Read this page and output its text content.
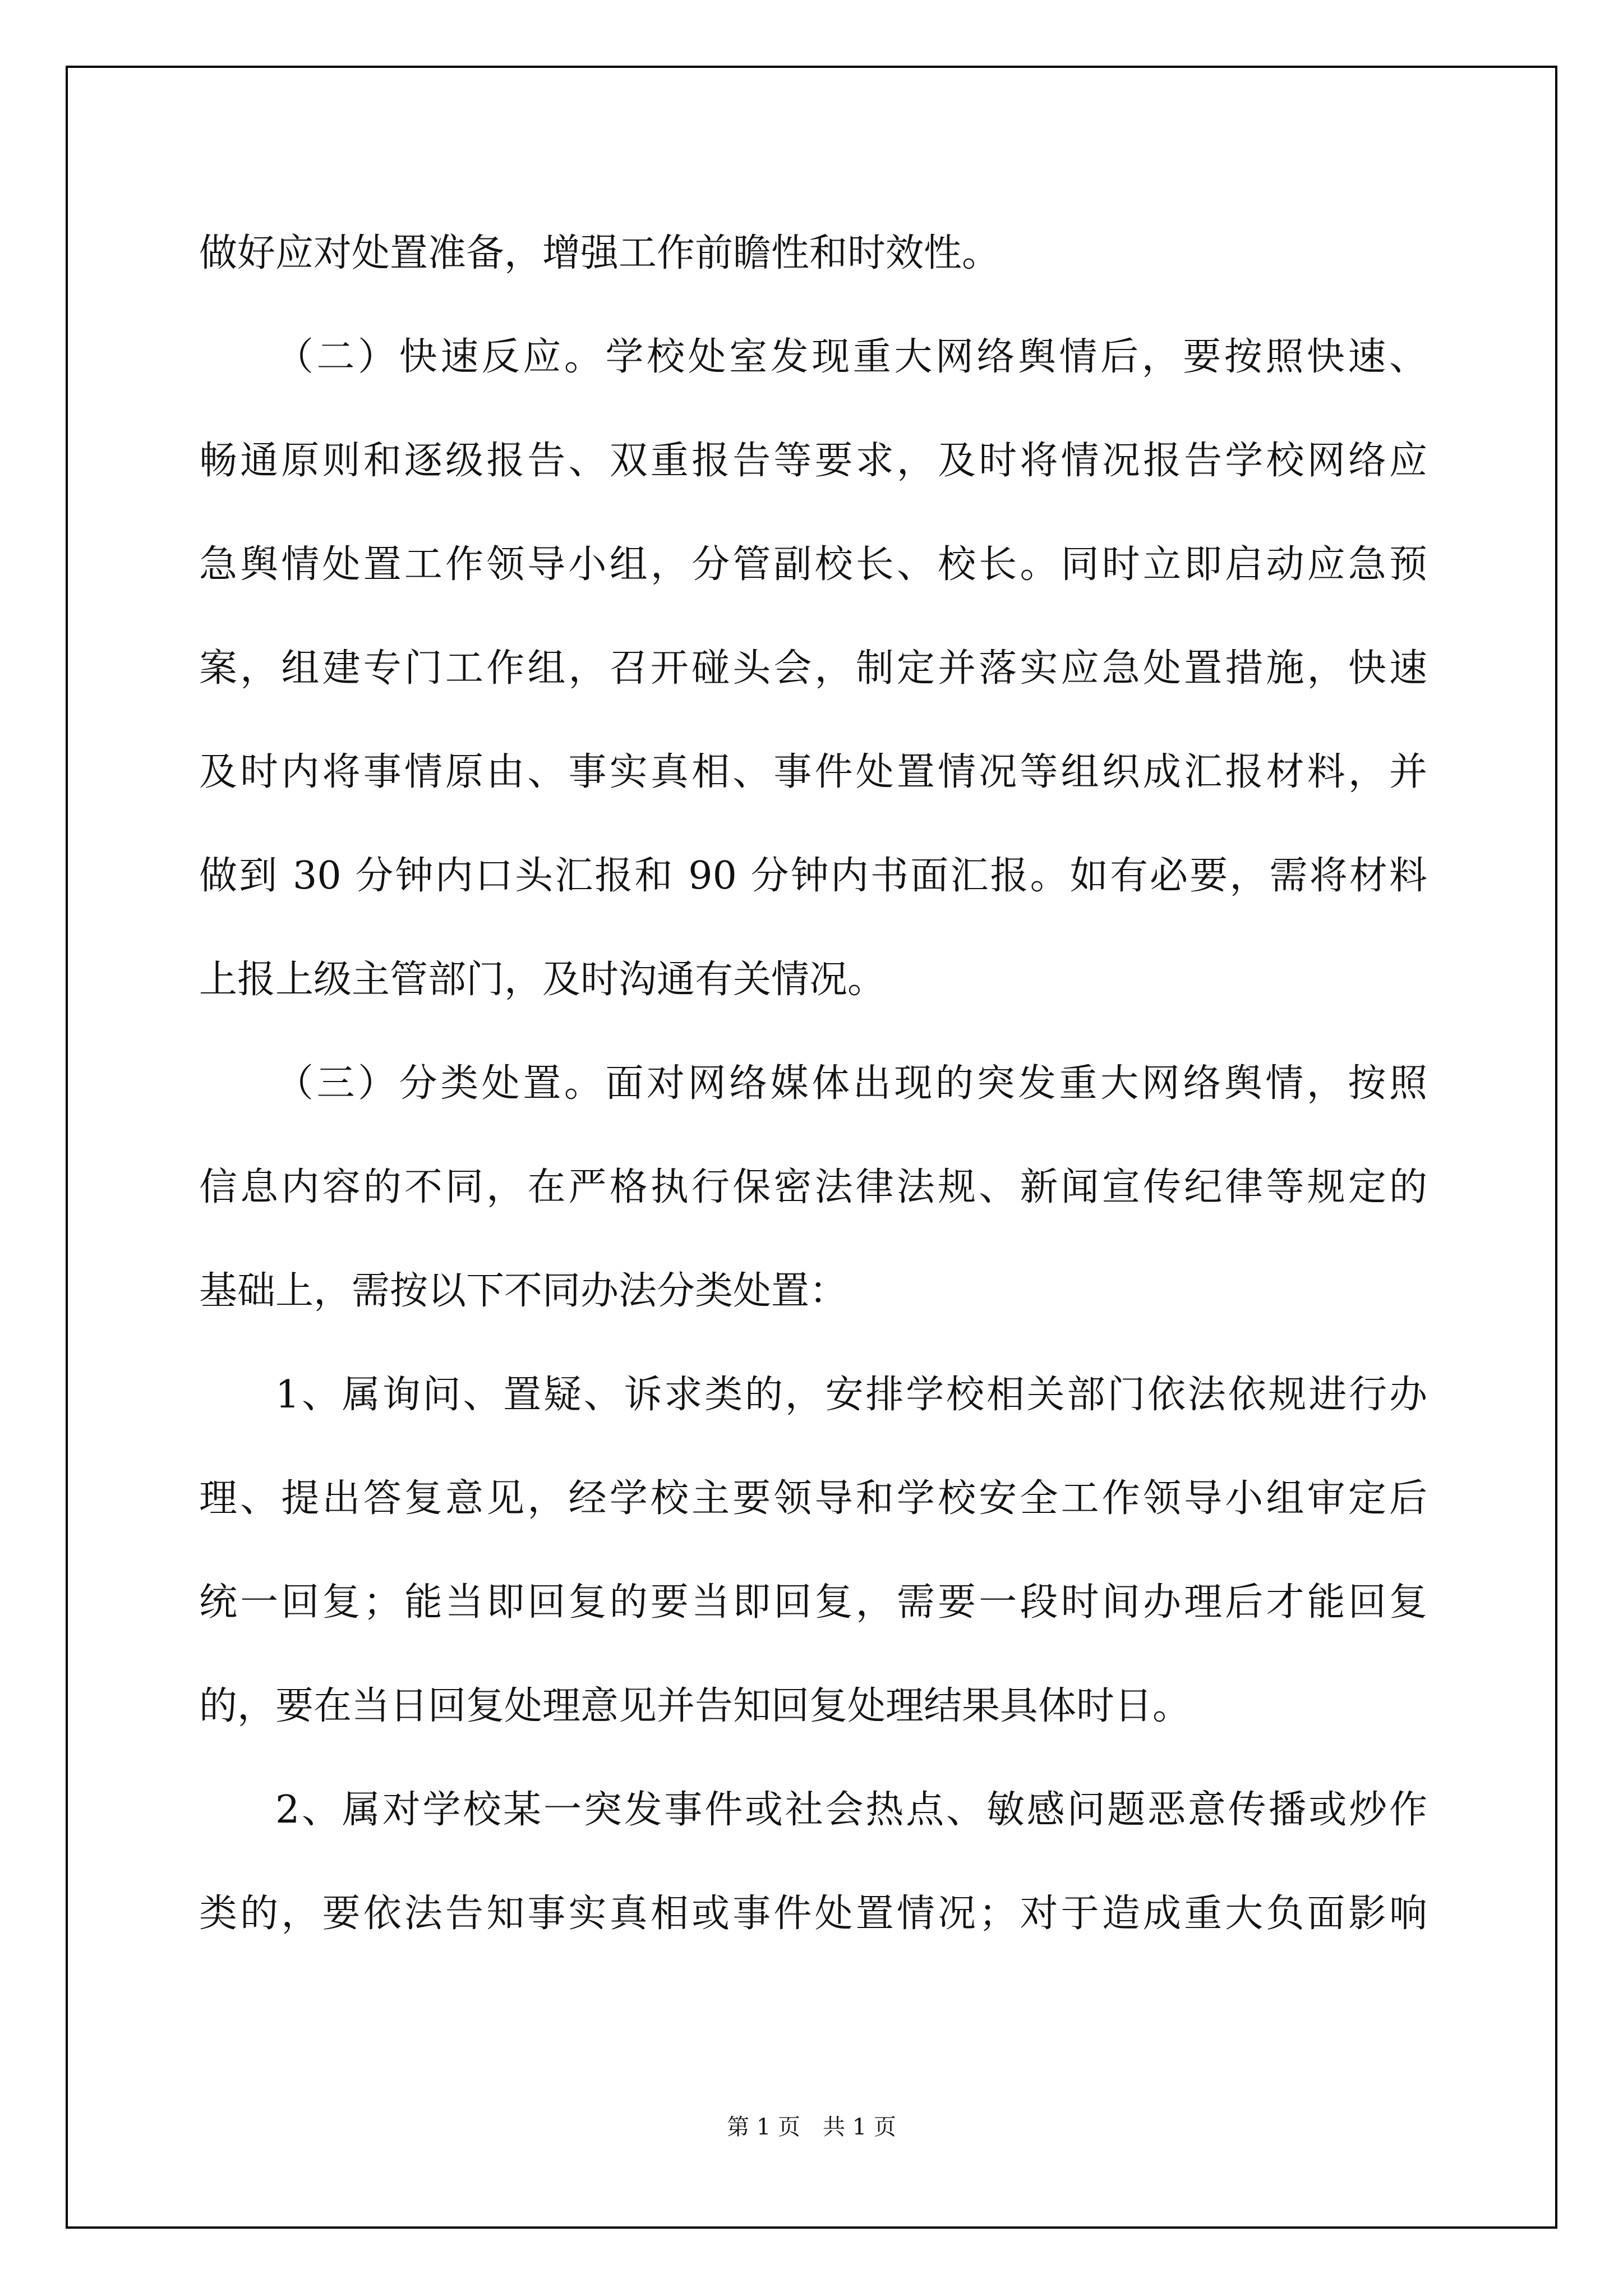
做好应对处置准备，增强工作前瞻性和时效性。
（二）快速反应。学校处室发现重大网络舆情后，要按照快速、
畅通原则和逐级报告、双重报告等要求，及时将情况报告学校网络应
急舆情处置工作领导小组，分管副校长、校长。同时立即启动应急预
案，组建专门工作组，召开碰头会，制定并落实应急处置措施，快速
及时内将事情原由、事实真相、事件处置情况等组织成汇报材料，并
做到 30 分钟内口头汇报和 90 分钟内书面汇报。如有必要，需将材料
上报上级主管部门，及时沟通有关情况。
（三）分类处置。面对网络媒体出现的突发重大网络舆情，按照
信息内容的不同，在严格执行保密法律法规、新闻宣传纪律等规定的
基础上，需按以下不同办法分类处置：
1、属询问、置疑、诉求类的，安排学校相关部门依法依规进行办
理、提出答复意见，经学校主要领导和学校安全工作领导小组审定后
统一回复；能当即回复的要当即回复，需要一段时间办理后才能回复
的，要在当日回复处理意见并告知回复处理结果具体时日。
2、属对学校某一突发事件或社会热点、敏感问题恶意传播或炒作
类的，要依法告知事实真相或事件处置情况；对于造成重大负面影响
第 1 页　共 1 页
